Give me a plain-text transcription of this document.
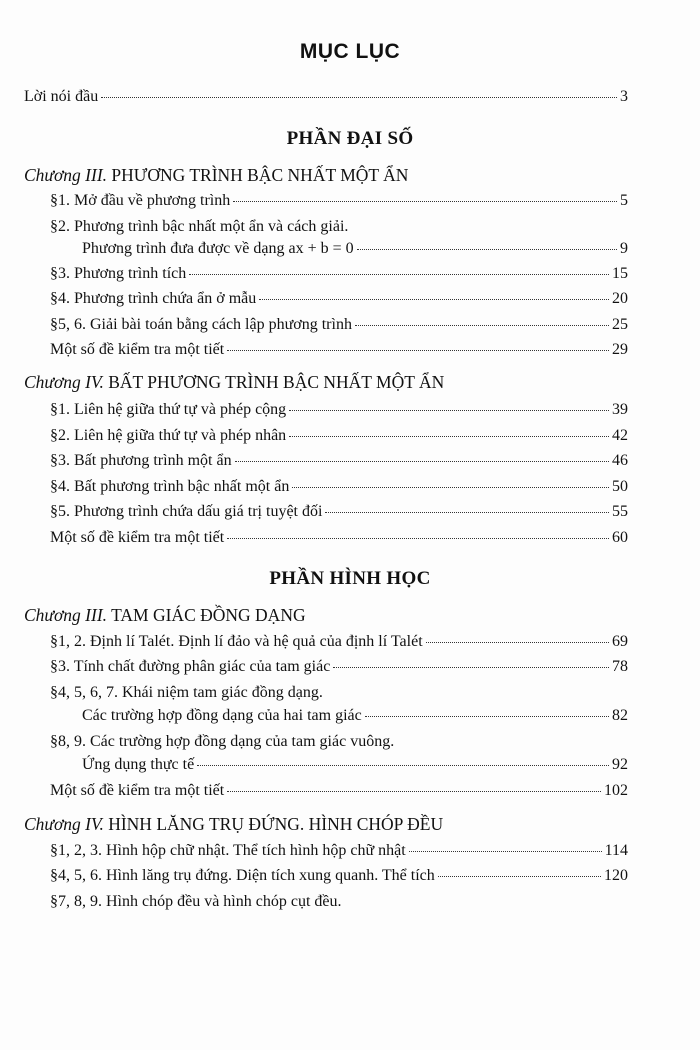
MỤC LỤC
Lời nói đầu	3
PHẦN ĐẠI SỐ
Chương III. PHƯƠNG TRÌNH BẬC NHẤT MỘT ẨN
§1. Mở đầu về phương trình	5
§2. Phương trình bậc nhất một ẩn và cách giải.
Phương trình đưa được về dạng ax + b = 0	9
§3. Phương trình tích	15
§4. Phương trình chứa ẩn ở mẫu	20
§5, 6. Giải bài toán bằng cách lập phương trình	25
Một số đề kiểm tra một tiết	29
Chương IV. BẤT PHƯƠNG TRÌNH BẬC NHẤT MỘT ẨN
§1. Liên hệ giữa thứ tự và phép cộng	39
§2. Liên hệ giữa thứ tự và phép nhân	42
§3. Bất phương trình một ẩn	46
§4. Bất phương trình bậc nhất một ẩn	50
§5. Phương trình chứa dấu giá trị tuyệt đối	55
Một số đề kiểm tra một tiết	60
PHẦN HÌNH HỌC
Chương III. TAM GIÁC ĐỒNG DẠNG
§1, 2. Định lí Talét. Định lí đảo và hệ quả của định lí Talét	69
§3. Tính chất đường phân giác của tam giác	78
§4, 5, 6, 7. Khái niệm tam giác đồng dạng.
Các trường hợp đồng dạng của hai tam giác	82
§8, 9. Các trường hợp đồng dạng của tam giác vuông.
Ứng dụng thực tế	92
Một số đề kiểm tra một tiết	102
Chương IV. HÌNH LĂNG TRỤ ĐỨNG. HÌNH CHÓP ĐỀU
§1, 2, 3. Hình hộp chữ nhật. Thể tích hình hộp chữ nhật	114
§4, 5, 6. Hình lăng trụ đứng. Diện tích xung quanh. Thể tích	120
§7, 8, 9. Hình chóp đều và hình chóp cụt đều.
